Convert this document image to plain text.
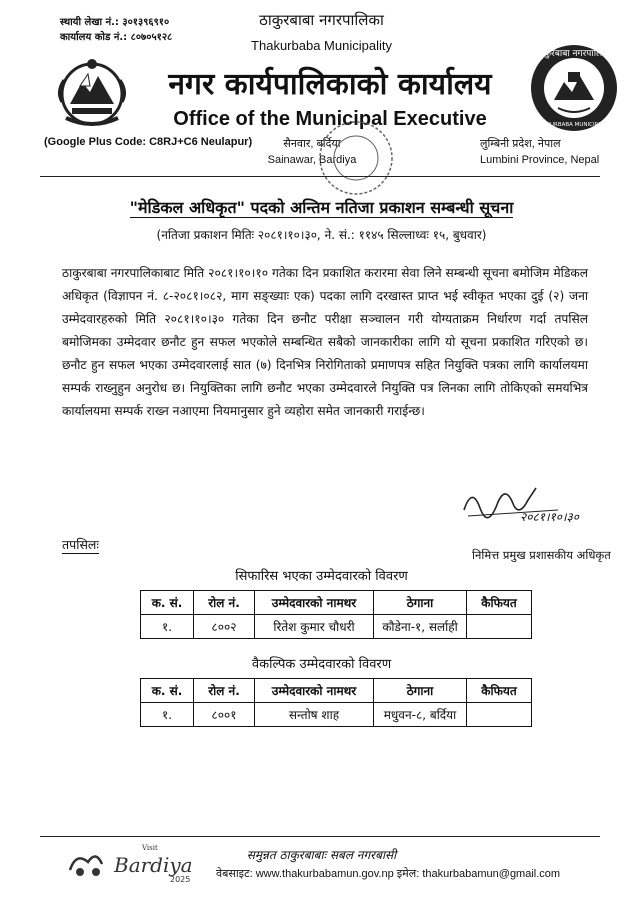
स्थायी लेखा नं.: ३०१३९६९१०
कार्यालय कोड नं.: ८०७०५१२८
ठाकुरबाबा नगरपालिका
THAKURBABA MUNICIPALITY
ठाकुरबाबा नगरपालिका
Thakurbaba Municipality
नगर कार्यपालिकाको कार्यालय
Office of the Municipal Executive
(Google Plus Code: C8RJ+C6 Neulapur)	सैनवार, बर्दिया
Sainawar, Bardiya
लुम्बिनी प्रदेश, नेपाल
Lumbini Province, Nepal
"मेडिकल अधिकृत" पदको अन्तिम नतिजा प्रकाशन सम्बन्धी सूचना
(नतिजा प्रकाशन मितिः २०८१।१०।३०, ने. सं.: ११४५ सिल्लाध्वः १५, बुधवार)
ठाकुरबाबा नगरपालिकाबाट मिति २०८१।१०।१० गतेका दिन प्रकाशित करारमा सेवा लिने सम्बन्धी सूचना बमोजिम मेडिकल अधिकृत (विज्ञापन नं. ८-२०८१।०८२, माग सङ्ख्याः एक) पदका लागि दरखास्त प्राप्त भई स्वीकृत भएका दुई (२) जना उम्मेदवारहरुको मिति २०८१।१०।३० गतेका दिन छनौट परीक्षा सञ्चालन गरी योग्यताक्रम निर्धारण गर्दा तपसिल बमोजिमका उम्मेदवार छनौट हुन सफल भएकोले सम्बन्धित सबैको जानकारीका लागि यो सूचना प्रकाशित गरिएको छ। छनौट हुन सफल भएका उम्मेदवारलाई सात (७) दिनभित्र निरोगिताको प्रमाणपत्र सहित नियुक्ति पत्रका लागि कार्यालयमा सम्पर्क राख्नुहुन अनुरोध छ। नियुक्तिका लागि छनौट भएका उम्मेदवारले नियुक्ति पत्र लिनका लागि तोकिएको समयभित्र कार्यालयमा सम्पर्क राख्न नआएमा नियमानुसार हुने व्यहोरा समेत जानकारी गराईन्छ।
२०८१।१०।३०
निमित्त प्रमुख प्रशासकीय अधिकृत
तपसिलः
सिफारिस भएका उम्मेदवारको विवरण
क. सं.	रोल नं.	उम्मेदवारको नामथर	ठेगाना	कैफियत
१.	८००२	रितेश कुमार चौधरी	कौडेना-१, सर्लाही	
वैकल्पिक उम्मेदवारको विवरण
क. सं.	रोल नं.	उम्मेदवारको नामथर	ठेगाना	कैफियत
१.	८००१	सन्तोष शाह	मधुवन-८, बर्दिया	
समुन्नत ठाकुरबाबाः सबल नगरबासी
वेबसाइट: www.thakurbabamun.gov.np इमेल: thakurbabamun@gmail.com
Visit
Bardiya
2025
